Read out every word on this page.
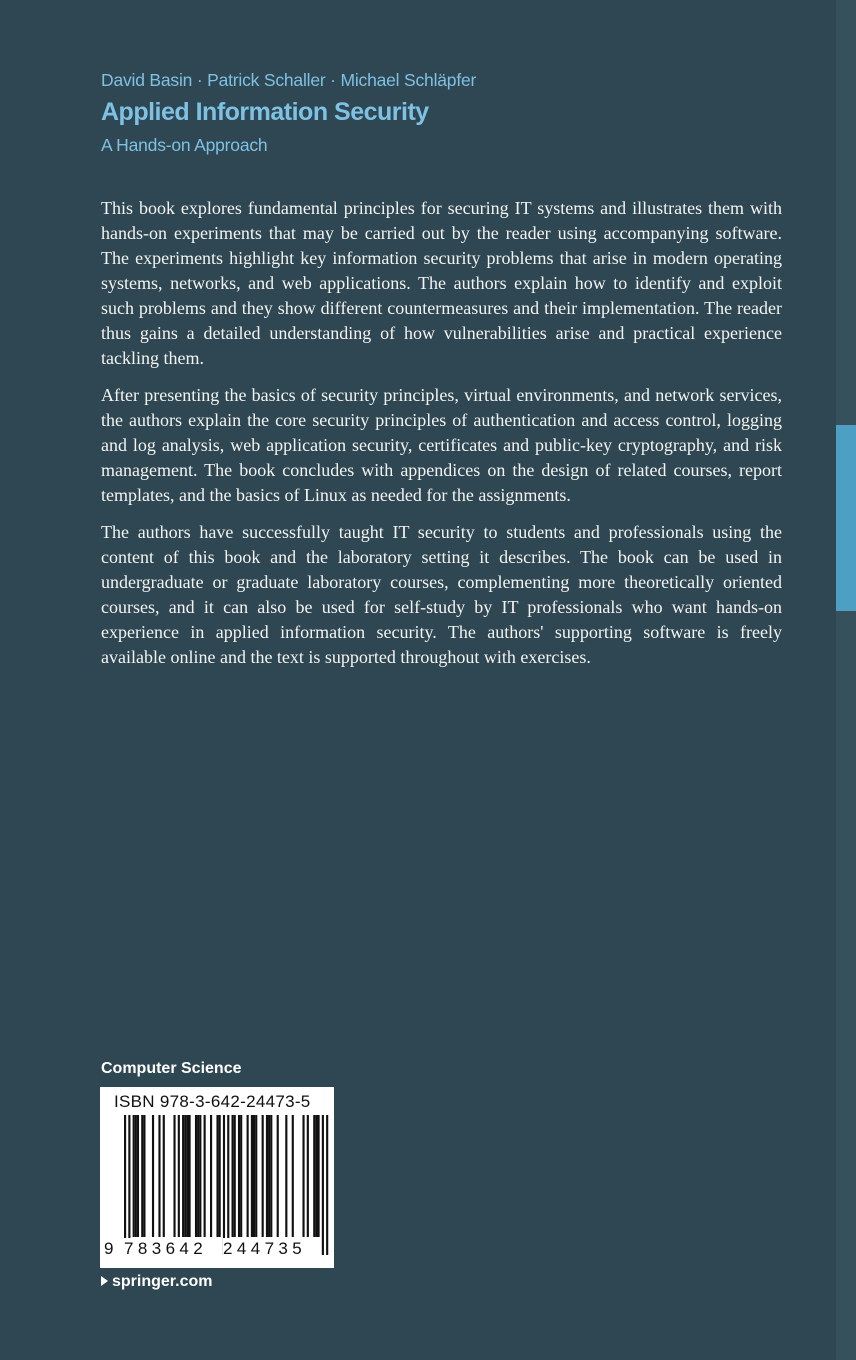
David Basin · Patrick Schaller · Michael Schläpfer
Applied Information Security
A Hands-on Approach

This book explores fundamental principles for securing IT systems and illustrates them with hands-on experiments that may be carried out by the reader using accompanying software. The experiments highlight key information security problems that arise in modern operating systems, networks, and web applications. The authors explain how to identify and exploit such problems and they show different countermeasures and their implementation. The reader thus gains a detailed understanding of how vulnerabilities arise and practical experience tackling them.

After presenting the basics of security principles, virtual environments, and network services, the authors explain the core security principles of authentication and access control, logging and log analysis, web application security, certificates and public-key cryptography, and risk management. The book concludes with appendices on the design of related courses, report templates, and the basics of Linux as needed for the assignments.

The authors have successfully taught IT security to students and professionals using the content of this book and the laboratory setting it describes. The book can be used in undergraduate or graduate laboratory courses, complementing more theoretically oriented courses, and it can also be used for self-study by IT professionals who want hands-on experience in applied information security. The authors' supporting software is freely available online and the text is supported throughout with exercises.

Computer Science
ISBN 978-3-642-24473-5
9 783642 244735
springer.com
